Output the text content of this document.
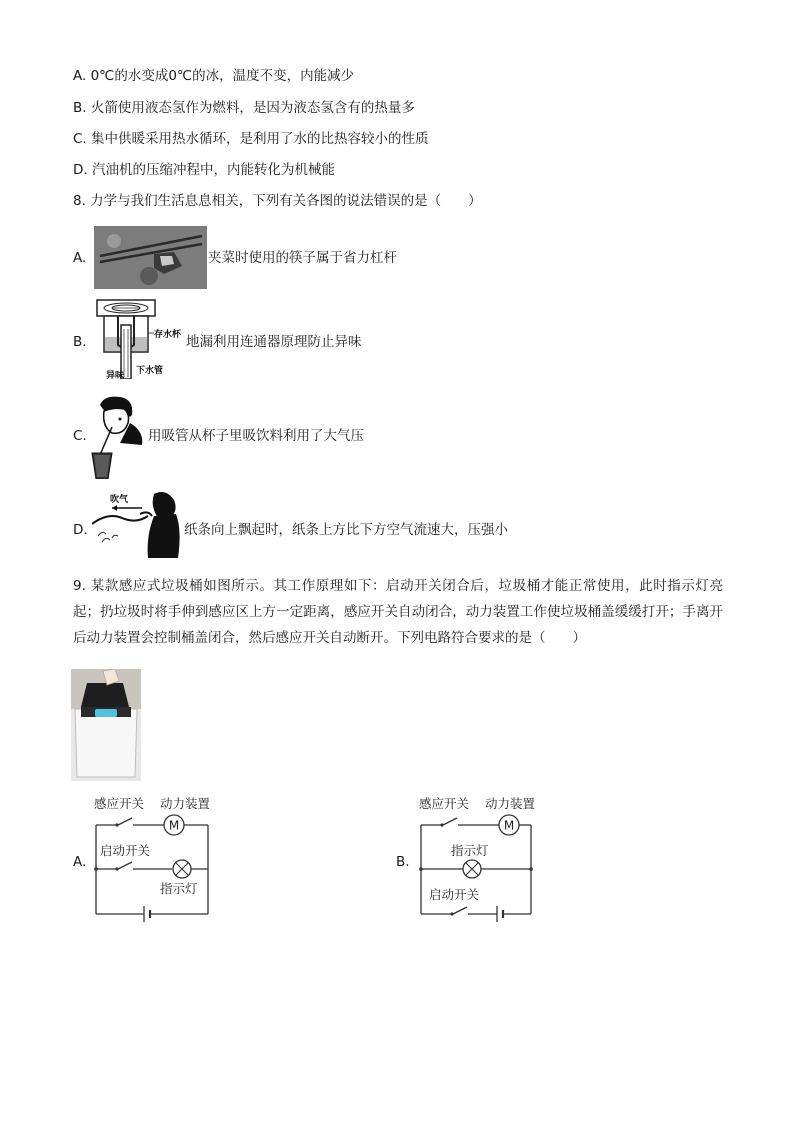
A. 0℃的水变成0℃的冰，温度不变，内能减少
B. 火箭使用液态氢作为燃料，是因为液态氢含有的热量多
C. 集中供暖采用热水循环，是利用了水的比热容较小的性质
D. 汽油机的压缩冲程中，内能转化为机械能
8. 力学与我们生活息息相关，下列有关各图的说法错误的是（　　）
A.	夹菜时使用的筷子属于省力杠杆
B.	存水杯
异味 下水管
地漏利用连通器原理防止异味
C.	用吸管从杯子里吸饮料利用了大气压
D.
吹气
纸条向上飘起时，纸条上方比下方空气流速大，压强小
9. 某款感应式垃圾桶如图所示。其工作原理如下：启动开关闭合后，垃圾桶才能正常使用，此时指示灯亮起；扔垃圾时将手伸到感应区上方一定距离，感应开关自动闭合，动力装置工作使垃圾桶盖缓缓打开；手离开后动力装置会控制桶盖闭合，然后感应开关自动断开。下列电路符合要求的是（　　）
A.
感应开关 动力装置
M
启动开关
指示灯
B.
感应开关 动力装置
M
指示灯
启动开关
